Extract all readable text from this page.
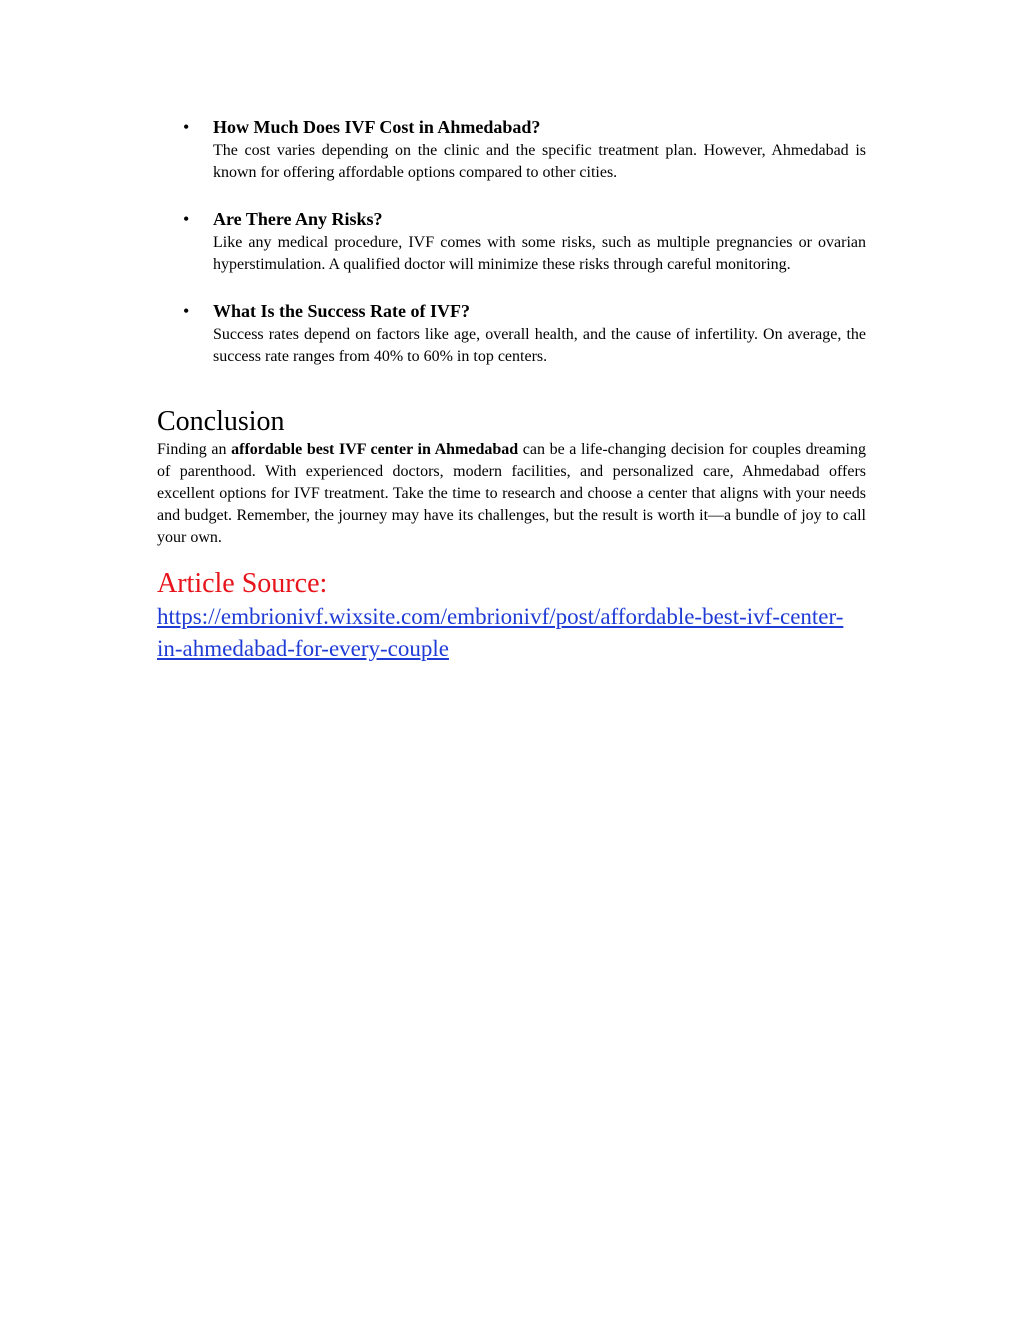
• How Much Does IVF Cost in Ahmedabad?
The cost varies depending on the clinic and the specific treatment plan. However, Ahmedabad is known for offering affordable options compared to other cities.
• Are There Any Risks?
Like any medical procedure, IVF comes with some risks, such as multiple pregnancies or ovarian hyperstimulation. A qualified doctor will minimize these risks through careful monitoring.
• What Is the Success Rate of IVF?
Success rates depend on factors like age, overall health, and the cause of infertility. On average, the success rate ranges from 40% to 60% in top centers.
Conclusion

Finding an affordable best IVF center in Ahmedabad can be a life-changing decision for couples dreaming of parenthood. With experienced doctors, modern facilities, and personalized care, Ahmedabad offers excellent options for IVF treatment. Take the time to research and choose a center that aligns with your needs and budget. Remember, the journey may have its challenges, but the result is worth it—a bundle of joy to call your own.

Article Source:
https://embrionivf.wixsite.com/embrionivf/post/affordable-best-ivf-center-in-ahmedabad-for-every-couple
